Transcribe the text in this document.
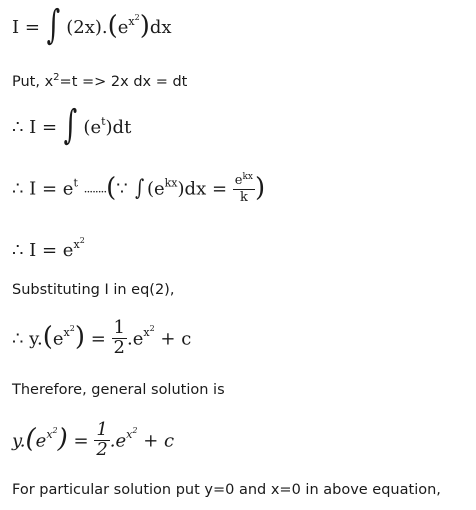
I = ∫ $(2x).(e^{x^2})dx$
Put, $x^2=t => 2x$ dx = dt
∴ I = ∫ $(e^t)dt$
∴ $I = e^t$ ........(∵ ∫ $(e^{kx})dx = \frac{e^{kx}}{k}$ )
∴ $I = e^{x^2}$
Substituting I in eq(2),
∴ $y.(e^{x^2}) = \frac{1}{2} .e^{x^2} + c$
Therefore, general solution is
$y.(e^{x^2}) = \frac{1}{2} .e^{x^2} + c$
For particular solution put y=0 and x=0 in above equation,
